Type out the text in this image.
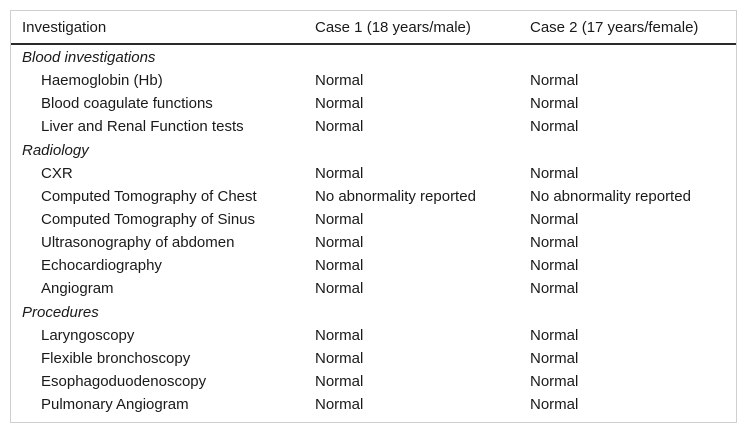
Investigation	Case 1 (18 years/male)	Case 2 (17 years/female)
Blood investigations		
Haemoglobin (Hb)	Normal	Normal
Blood coagulate functions	Normal	Normal
Liver and Renal Function tests	Normal	Normal
Radiology		
CXR	Normal	Normal
Computed Tomography of Chest	No abnormality reported	No abnormality reported
Computed Tomography of Sinus	Normal	Normal
Ultrasonography of abdomen	Normal	Normal
Echocardiography	Normal	Normal
Angiogram	Normal	Normal
Procedures		
Laryngoscopy	Normal	Normal
Flexible bronchoscopy	Normal	Normal
Esophagoduodenoscopy	Normal	Normal
Pulmonary Angiogram	Normal	Normal
